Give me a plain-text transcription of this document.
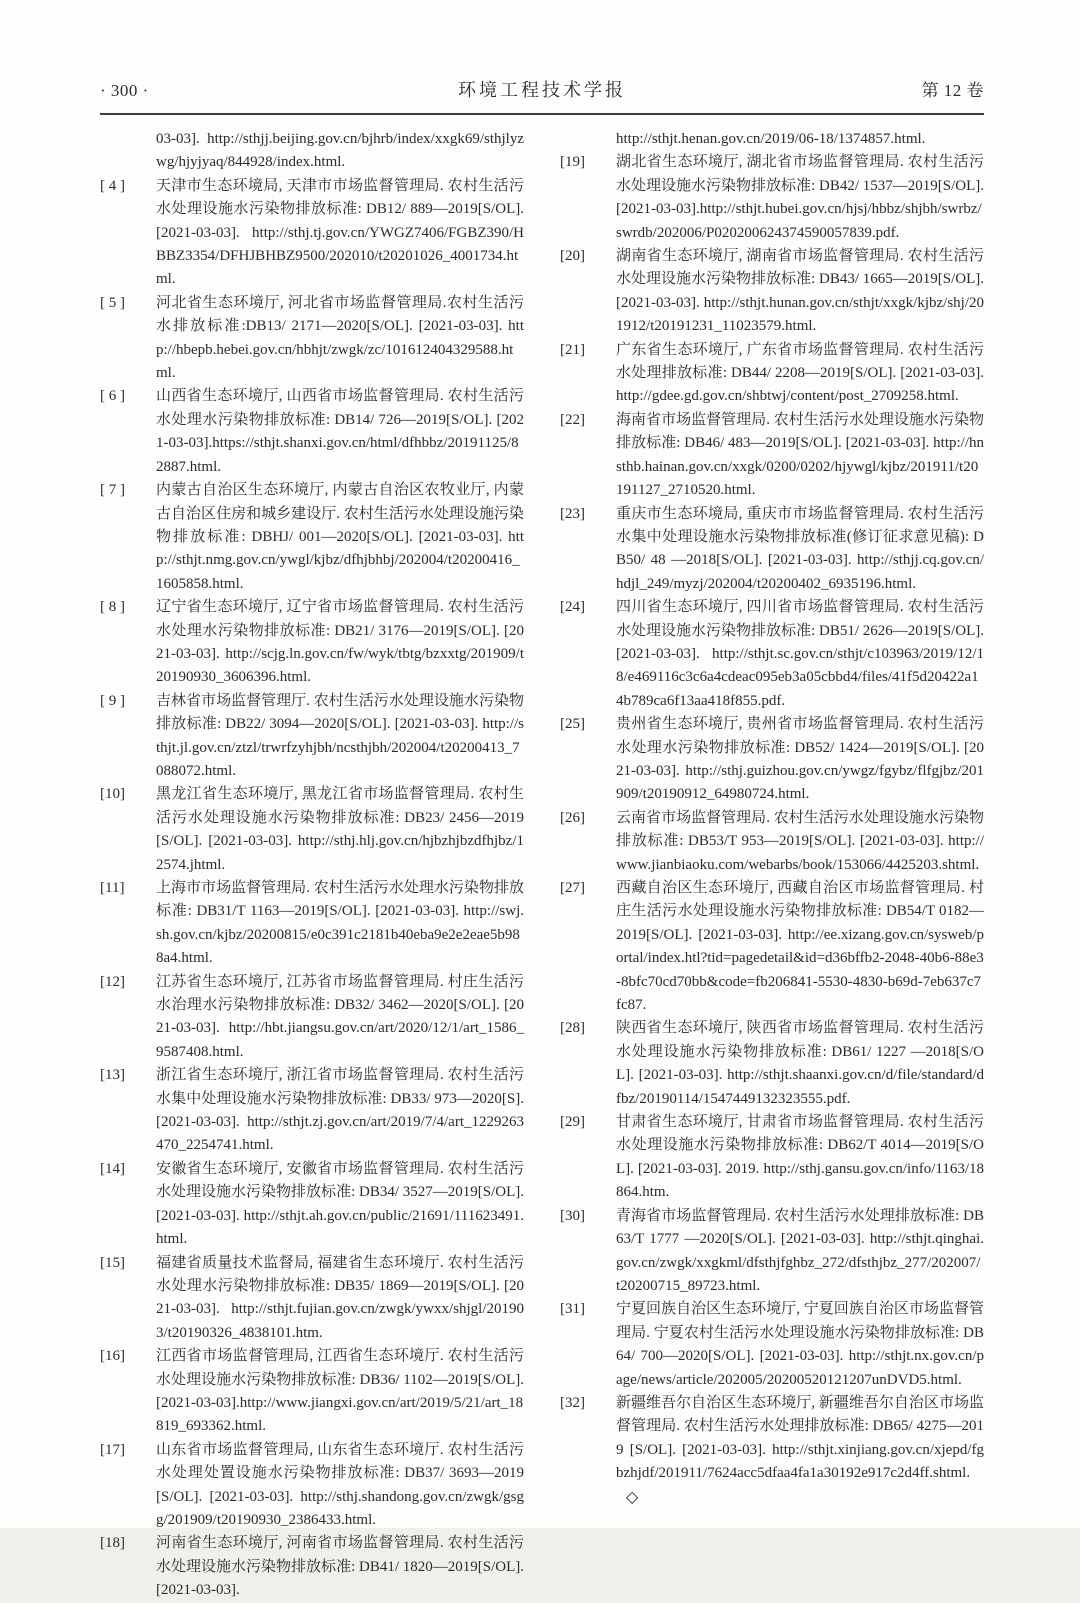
· 300 ·	环境工程技术学报	第 12 卷

03-03]. http://sthjj.beijing.gov.cn/bjhrb/index/xxgk69/sthjlyzwg/hjyjyaq/844928/index.html.

[ 4 ] 天津市生态环境局, 天津市市场监督管理局. 农村生活污水处理设施水污染物排放标准: DB12/ 889—2019[S/OL]. [2021-03-03]. http://sthj.tj.gov.cn/YWGZ7406/FGBZ390/HBBZ3354/DFHJBHBZ9500/202010/t20201026_4001734.html.

[ 5 ] 河北省生态环境厅, 河北省市场监督管理局.农村生活污水排放标准:DB13/ 2171—2020[S/OL]. [2021-03-03]. http://hbepb.hebei.gov.cn/hbhjt/zwgk/zc/101612404329588.html.

[ 6 ] 山西省生态环境厅, 山西省市场监督管理局. 农村生活污水处理水污染物排放标准: DB14/ 726—2019[S/OL]. [2021-03-03].https://sthjt.shanxi.gov.cn/html/dfhbbz/20191125/82887.html.

[ 7 ] 内蒙古自治区生态环境厅, 内蒙古自治区农牧业厅, 内蒙古自治区住房和城乡建设厅. 农村生活污水处理设施污染物排放标准: DBHJ/ 001—2020[S/OL]. [2021-03-03]. http://sthjt.nmg.gov.cn/ywgl/kjbz/dfhjbhbj/202004/t20200416_1605858.html.

[ 8 ] 辽宁省生态环境厅, 辽宁省市场监督管理局. 农村生活污水处理水污染物排放标准: DB21/ 3176—2019[S/OL]. [2021-03-03]. http://scjg.ln.gov.cn/fw/wyk/tbtg/bzxxtg/201909/t20190930_3606396.html.

[ 9 ] 吉林省市场监督管理厅. 农村生活污水处理设施水污染物排放标准: DB22/ 3094—2020[S/OL]. [2021-03-03]. http://sthjt.jl.gov.cn/ztzl/trwrfzyhjbh/ncsthjbh/202004/t20200413_7088072.html.

[10] 黑龙江省生态环境厅, 黑龙江省市场监督管理局. 农村生活污水处理设施水污染物排放标准: DB23/ 2456—2019[S/OL]. [2021-03-03]. http://sthj.hlj.gov.cn/hjbzhjbzdfhjbz/12574.jhtml.

[11] 上海市市场监督管理局. 农村生活污水处理水污染物排放标准: DB31/T 1163—2019[S/OL]. [2021-03-03]. http://swj.sh.gov.cn/kjbz/20200815/e0c391c2181b40eba9e2e2eae5b988a4.html.

[12] 江苏省生态环境厅, 江苏省市场监督管理局. 村庄生活污水治理水污染物排放标准: DB32/ 3462—2020[S/OL]. [2021-03-03]. http://hbt.jiangsu.gov.cn/art/2020/12/1/art_1586_9587408.html.

[13] 浙江省生态环境厅, 浙江省市场监督管理局. 农村生活污水集中处理设施水污染物排放标准: DB33/ 973—2020[S]. [2021-03-03]. http://sthjt.zj.gov.cn/art/2019/7/4/art_1229263470_2254741.html.

[14] 安徽省生态环境厅, 安徽省市场监督管理局. 农村生活污水处理设施水污染物排放标准: DB34/ 3527—2019[S/OL]. [2021-03-03]. http://sthjt.ah.gov.cn/public/21691/111623491.html.

[15] 福建省质量技术监督局, 福建省生态环境厅. 农村生活污水处理水污染物排放标准: DB35/ 1869—2019[S/OL]. [2021-03-03]. http://sthjt.fujian.gov.cn/zwgk/ywxx/shjgl/201903/t20190326_4838101.htm.

[16] 江西省市场监督管理局, 江西省生态环境厅. 农村生活污水处理设施水污染物排放标准: DB36/ 1102—2019[S/OL]. [2021-03-03].http://www.jiangxi.gov.cn/art/2019/5/21/art_18819_693362.html.

[17] 山东省市场监督管理局, 山东省生态环境厅. 农村生活污水处理处置设施水污染物排放标准: DB37/ 3693—2019[S/OL]. [2021-03-03]. http://sthj.shandong.gov.cn/zwgk/gsgg/201909/t20190930_2386433.html.

[18] 河南省生态环境厅, 河南省市场监督管理局. 农村生活污水处理设施水污染物排放标准: DB41/ 1820—2019[S/OL]. [2021-03-03].

http://sthjt.henan.gov.cn/2019/06-18/1374857.html.

[19] 湖北省生态环境厅, 湖北省市场监督管理局. 农村生活污水处理设施水污染物排放标准: DB42/ 1537—2019[S/OL].[2021-03-03].http://sthjt.hubei.gov.cn/hjsj/hbbz/shjbh/swrbz/swrdb/202006/P020200624374590057839.pdf.

[20] 湖南省生态环境厅, 湖南省市场监督管理局. 农村生活污水处理设施水污染物排放标准: DB43/ 1665—2019[S/OL]. [2021-03-03]. http://sthjt.hunan.gov.cn/sthjt/xxgk/kjbz/shj/201912/t20191231_11023579.html.

[21] 广东省生态环境厅, 广东省市场监督管理局. 农村生活污水处理排放标准: DB44/ 2208—2019[S/OL]. [2021-03-03]. http://gdee.gd.gov.cn/shbtwj/content/post_2709258.html.

[22] 海南省市场监督管理局. 农村生活污水处理设施水污染物排放标准: DB46/ 483—2019[S/OL]. [2021-03-03]. http://hnsthb.hainan.gov.cn/xxgk/0200/0202/hjywgl/kjbz/201911/t20191127_2710520.html.

[23] 重庆市生态环境局, 重庆市市场监督管理局. 农村生活污水集中处理设施水污染物排放标准(修订征求意见稿): DB50/ 48 —2018[S/OL]. [2021-03-03]. http://sthjj.cq.gov.cn/hdjl_249/myzj/202004/t20200402_6935196.html.

[24] 四川省生态环境厅, 四川省市场监督管理局. 农村生活污水处理设施水污染物排放标准: DB51/ 2626—2019[S/OL]. [2021-03-03]. http://sthjt.sc.gov.cn/sthjt/c103963/2019/12/18/e469116c3c6a4cdeac095eb3a05cbbd4/files/41f5d20422a14b789ca6f13aa418f855.pdf.

[25] 贵州省生态环境厅, 贵州省市场监督管理局. 农村生活污水处理水污染物排放标准: DB52/ 1424—2019[S/OL]. [2021-03-03]. http://sthj.guizhou.gov.cn/ywgz/fgybz/flfgjbz/201909/t20190912_64980724.html.

[26] 云南省市场监督管理局. 农村生活污水处理设施水污染物排放标准: DB53/T 953—2019[S/OL]. [2021-03-03]. http://www.jianbiaoku.com/webarbs/book/153066/4425203.shtml.

[27] 西藏自治区生态环境厅, 西藏自治区市场监督管理局. 村庄生活污水处理设施水污染物排放标准: DB54/T 0182—2019[S/OL]. [2021-03-03]. http://ee.xizang.gov.cn/sysweb/portal/index.htl?tid=pagedetail&id=d36bffb2-2048-40b6-88e3-8bfc70cd70bb&code=fb206841-5530-4830-b69d-7eb637c7fc87.

[28] 陕西省生态环境厅, 陕西省市场监督管理局. 农村生活污水处理设施水污染物排放标准: DB61/ 1227 —2018[S/OL]. [2021-03-03]. http://sthjt.shaanxi.gov.cn/d/file/standard/dfbz/20190114/1547449132323555.pdf.

[29] 甘肃省生态环境厅, 甘肃省市场监督管理局. 农村生活污水处理设施水污染物排放标准: DB62/T 4014—2019[S/OL]. [2021-03-03]. 2019. http://sthj.gansu.gov.cn/info/1163/18864.htm.

[30] 青海省市场监督管理局. 农村生活污水处理排放标准: DB63/T 1777 —2020[S/OL]. [2021-03-03]. http://sthjt.qinghai.gov.cn/zwgk/xxgkml/dfsthjfghbz_272/dfsthjbz_277/202007/t20200715_89723.html.

[31] 宁夏回族自治区生态环境厅, 宁夏回族自治区市场监督管理局. 宁夏农村生活污水处理设施水污染物排放标准: DB64/ 700—2020[S/OL]. [2021-03-03]. http://sthjt.nx.gov.cn/page/news/article/202005/20200520121207unDVD5.html.

[32] 新疆维吾尔自治区生态环境厅, 新疆维吾尔自治区市场监督管理局. 农村生活污水处理排放标准: DB65/ 4275—2019 [S/OL]. [2021-03-03]. http://sthjt.xinjiang.gov.cn/xjepd/fgbzhjdf/201911/7624acc5dfaa4fa1a30192e917c2d4ff.shtml.◇
